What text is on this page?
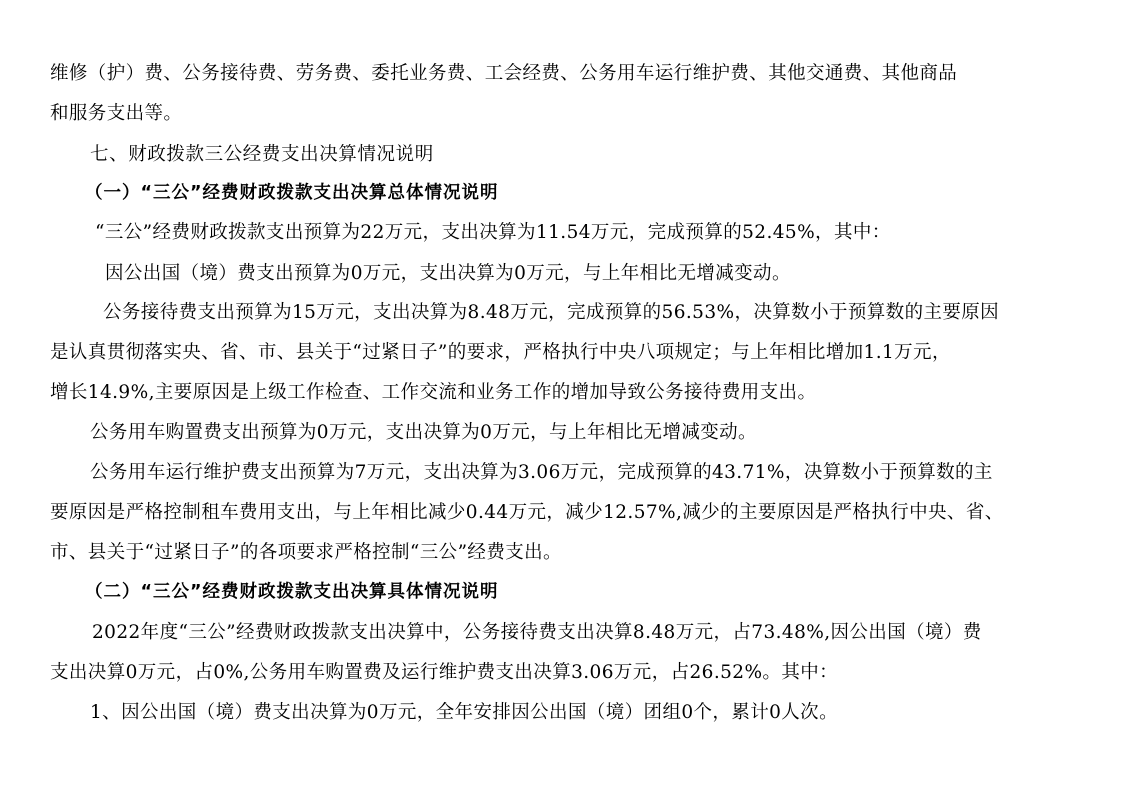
维修（护）费、公务接待费、劳务费、委托业务费、工会经费、公务用车运行维护费、其他交通费、其他商品
和服务支出等。
七、财政拨款三公经费支出决算情况说明
（一）“三公”经费财政拨款支出决算总体情况说明
“三公”经费财政拨款支出预算为22万元，支出决算为11.54万元，完成预算的52.45%，其中：
因公出国（境）费支出预算为0万元，支出决算为0万元，与上年相比无增减变动。
公务接待费支出预算为15万元，支出决算为8.48万元，完成预算的56.53%，决算数小于预算数的主要原因
是认真贯彻落实央、省、市、县关于“过紧日子”的要求，严格执行中央八项规定；与上年相比增加1.1万元，
增长14.9%,主要原因是上级工作检查、工作交流和业务工作的增加导致公务接待费用支出。
公务用车购置费支出预算为0万元，支出决算为0万元，与上年相比无增减变动。
公务用车运行维护费支出预算为7万元，支出决算为3.06万元，完成预算的43.71%，决算数小于预算数的主
要原因是严格控制租车费用支出，与上年相比减少0.44万元，减少12.57%,减少的主要原因是严格执行中央、省、
市、县关于“过紧日子”的各项要求严格控制“三公”经费支出。
（二）“三公”经费财政拨款支出决算具体情况说明
2022年度“三公”经费财政拨款支出决算中，公务接待费支出决算8.48万元，占73.48%,因公出国（境）费
支出决算0万元，占0%,公务用车购置费及运行维护费支出决算3.06万元，占26.52%。其中：
1、因公出国（境）费支出决算为0万元，全年安排因公出国（境）团组0个，累计0人次。
